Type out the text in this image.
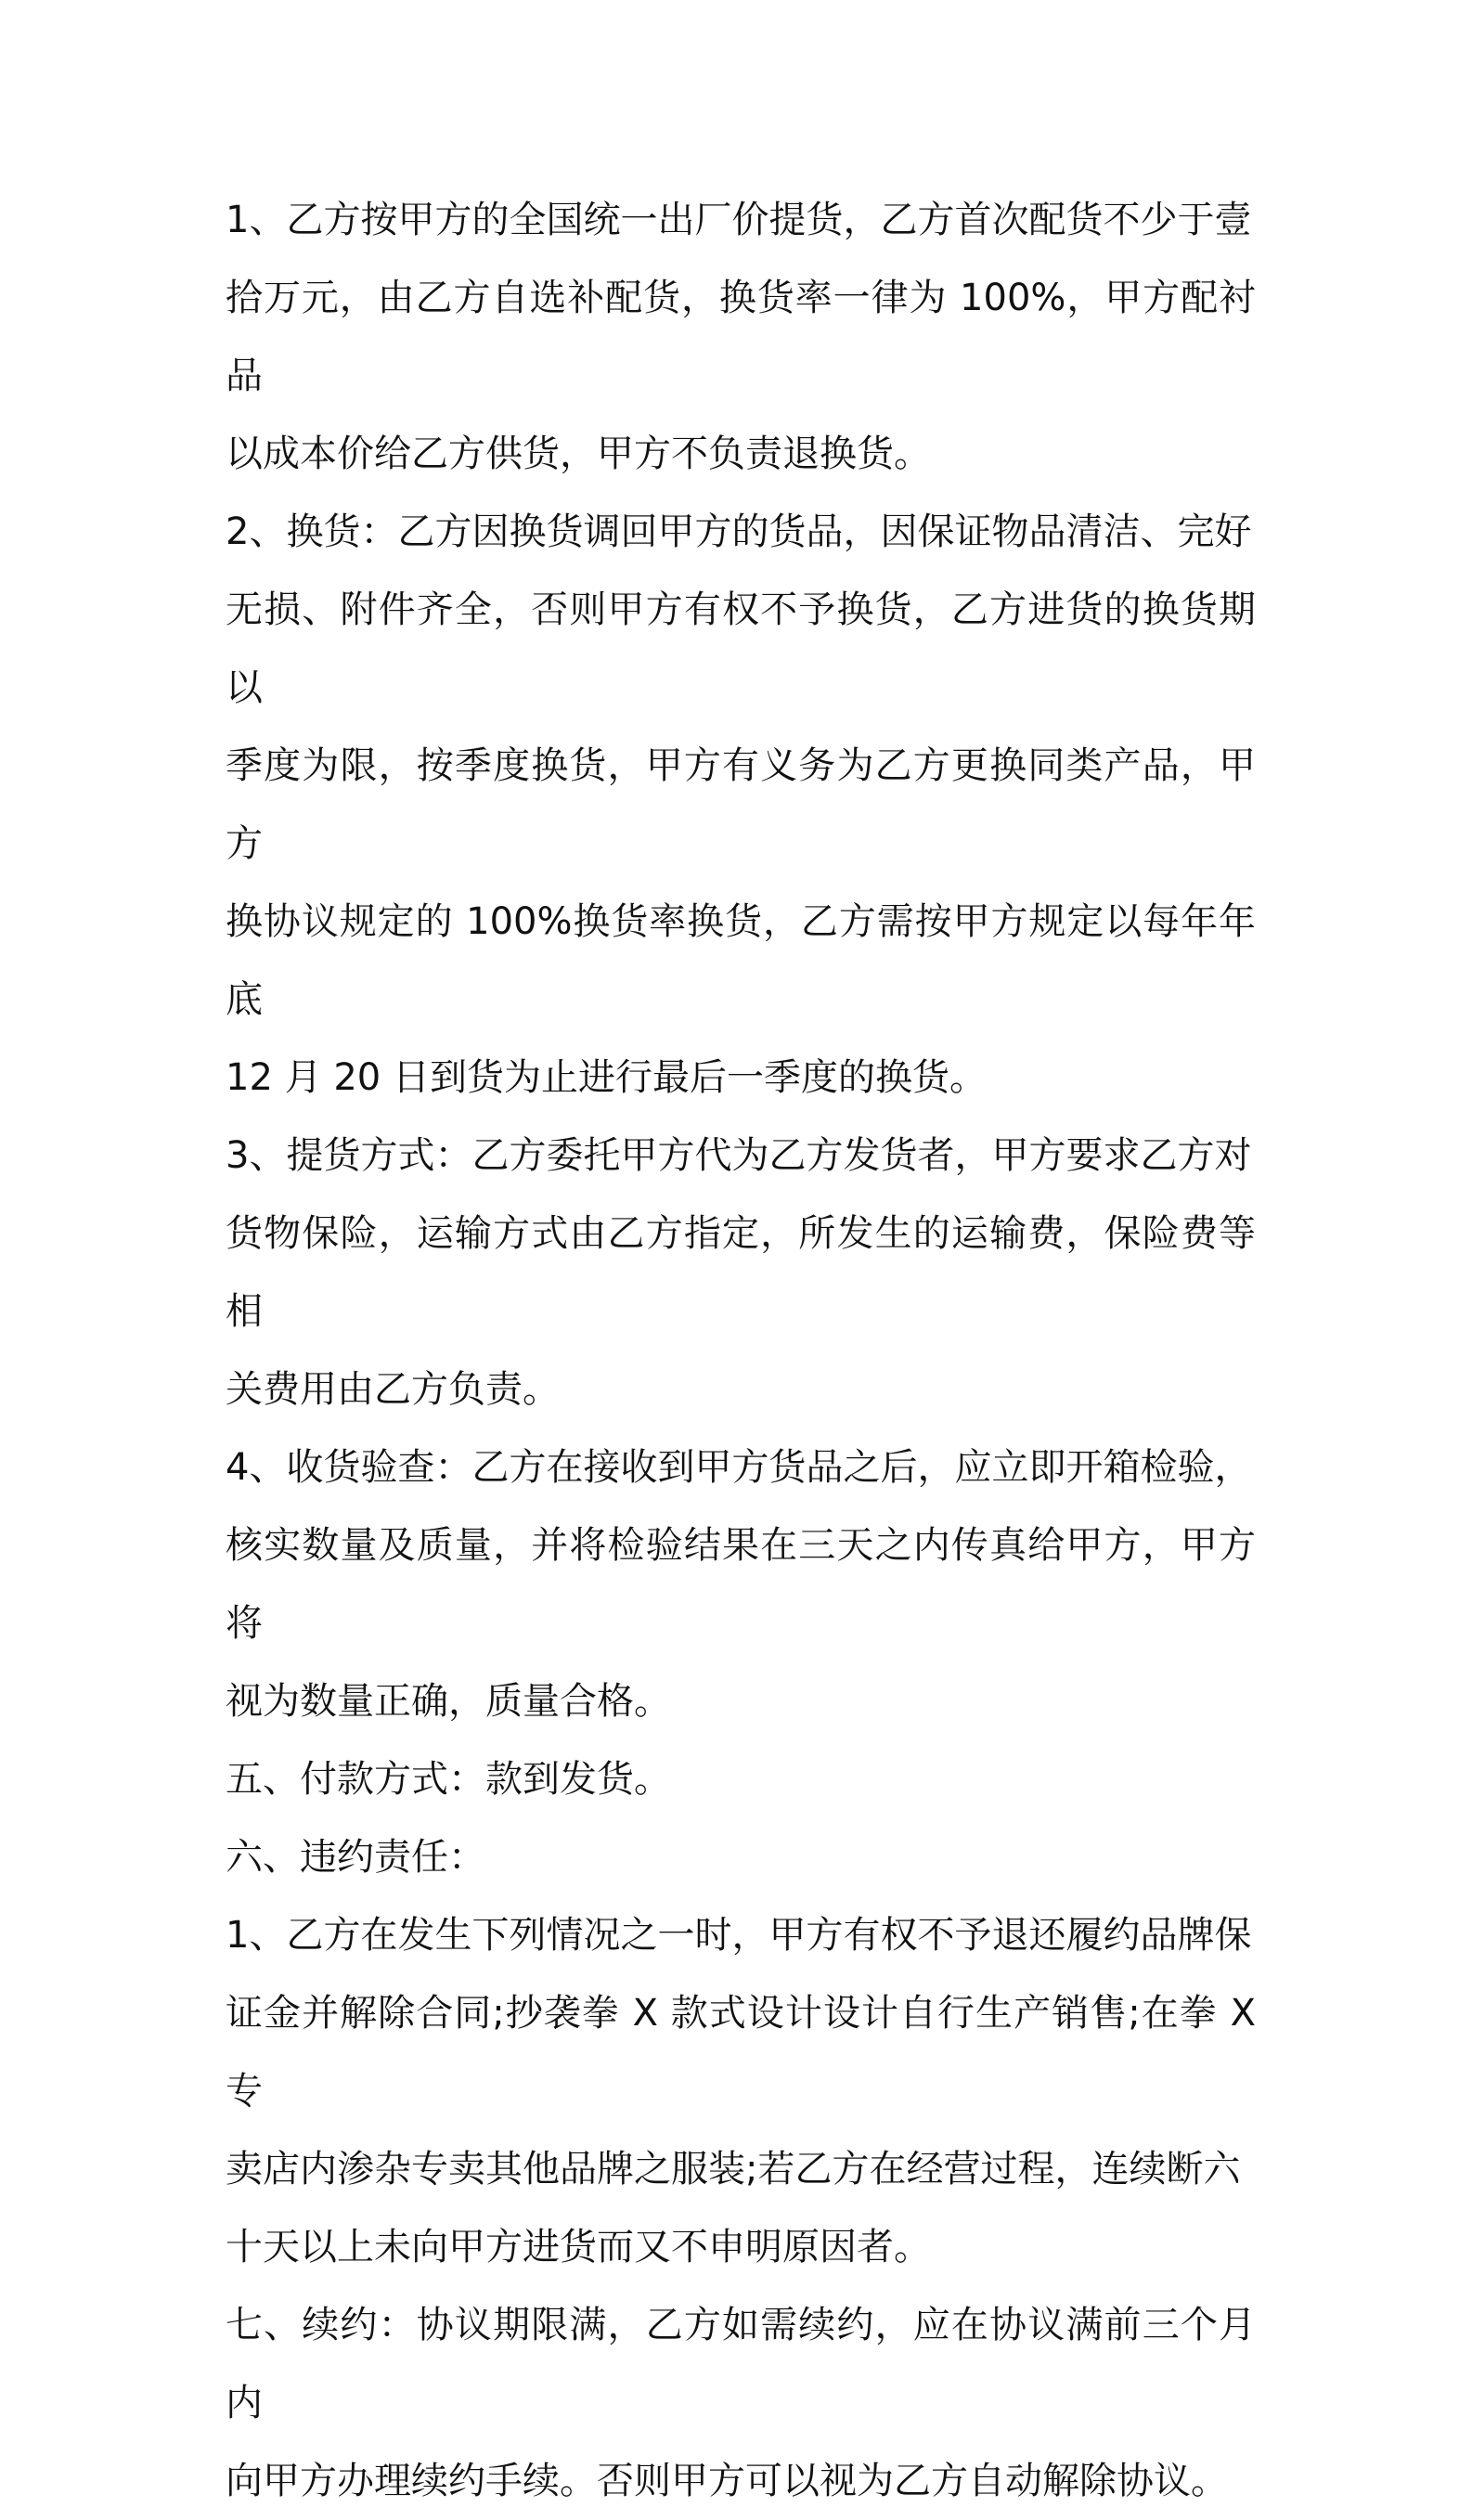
1、乙方按甲方的全国统一出厂价提货，乙方首次配货不少于壹
拾万元，由乙方自选补配货，换货率一律为 100%，甲方配衬品
以成本价给乙方供货，甲方不负责退换货。

2、换货：乙方因换货调回甲方的货品，因保证物品清洁、完好
无损、附件齐全，否则甲方有权不予换货，乙方进货的换货期以
季度为限，按季度换货，甲方有义务为乙方更换同类产品，甲方
换协议规定的 100%换货率换货，乙方需按甲方规定以每年年底
12 月 20 日到货为止进行最后一季度的换货。

3、提货方式：乙方委托甲方代为乙方发货者，甲方要求乙方对
货物保险，运输方式由乙方指定，所发生的运输费，保险费等相
关费用由乙方负责。

4、收货验查：乙方在接收到甲方货品之后，应立即开箱检验，
核实数量及质量，并将检验结果在三天之内传真给甲方，甲方将
视为数量正确，质量合格。

五、付款方式：款到发货。

六、违约责任：

1、乙方在发生下列情况之一时，甲方有权不予退还履约品牌保
证金并解除合同;抄袭拳 X 款式设计设计自行生产销售;在拳 X 专
卖店内渗杂专卖其他品牌之服装;若乙方在经营过程，连续断六
十天以上未向甲方进货而又不申明原因者。

七、续约：协议期限满，乙方如需续约，应在协议满前三个月内
向甲方办理续约手续。否则甲方可以视为乙方自动解除协议。
